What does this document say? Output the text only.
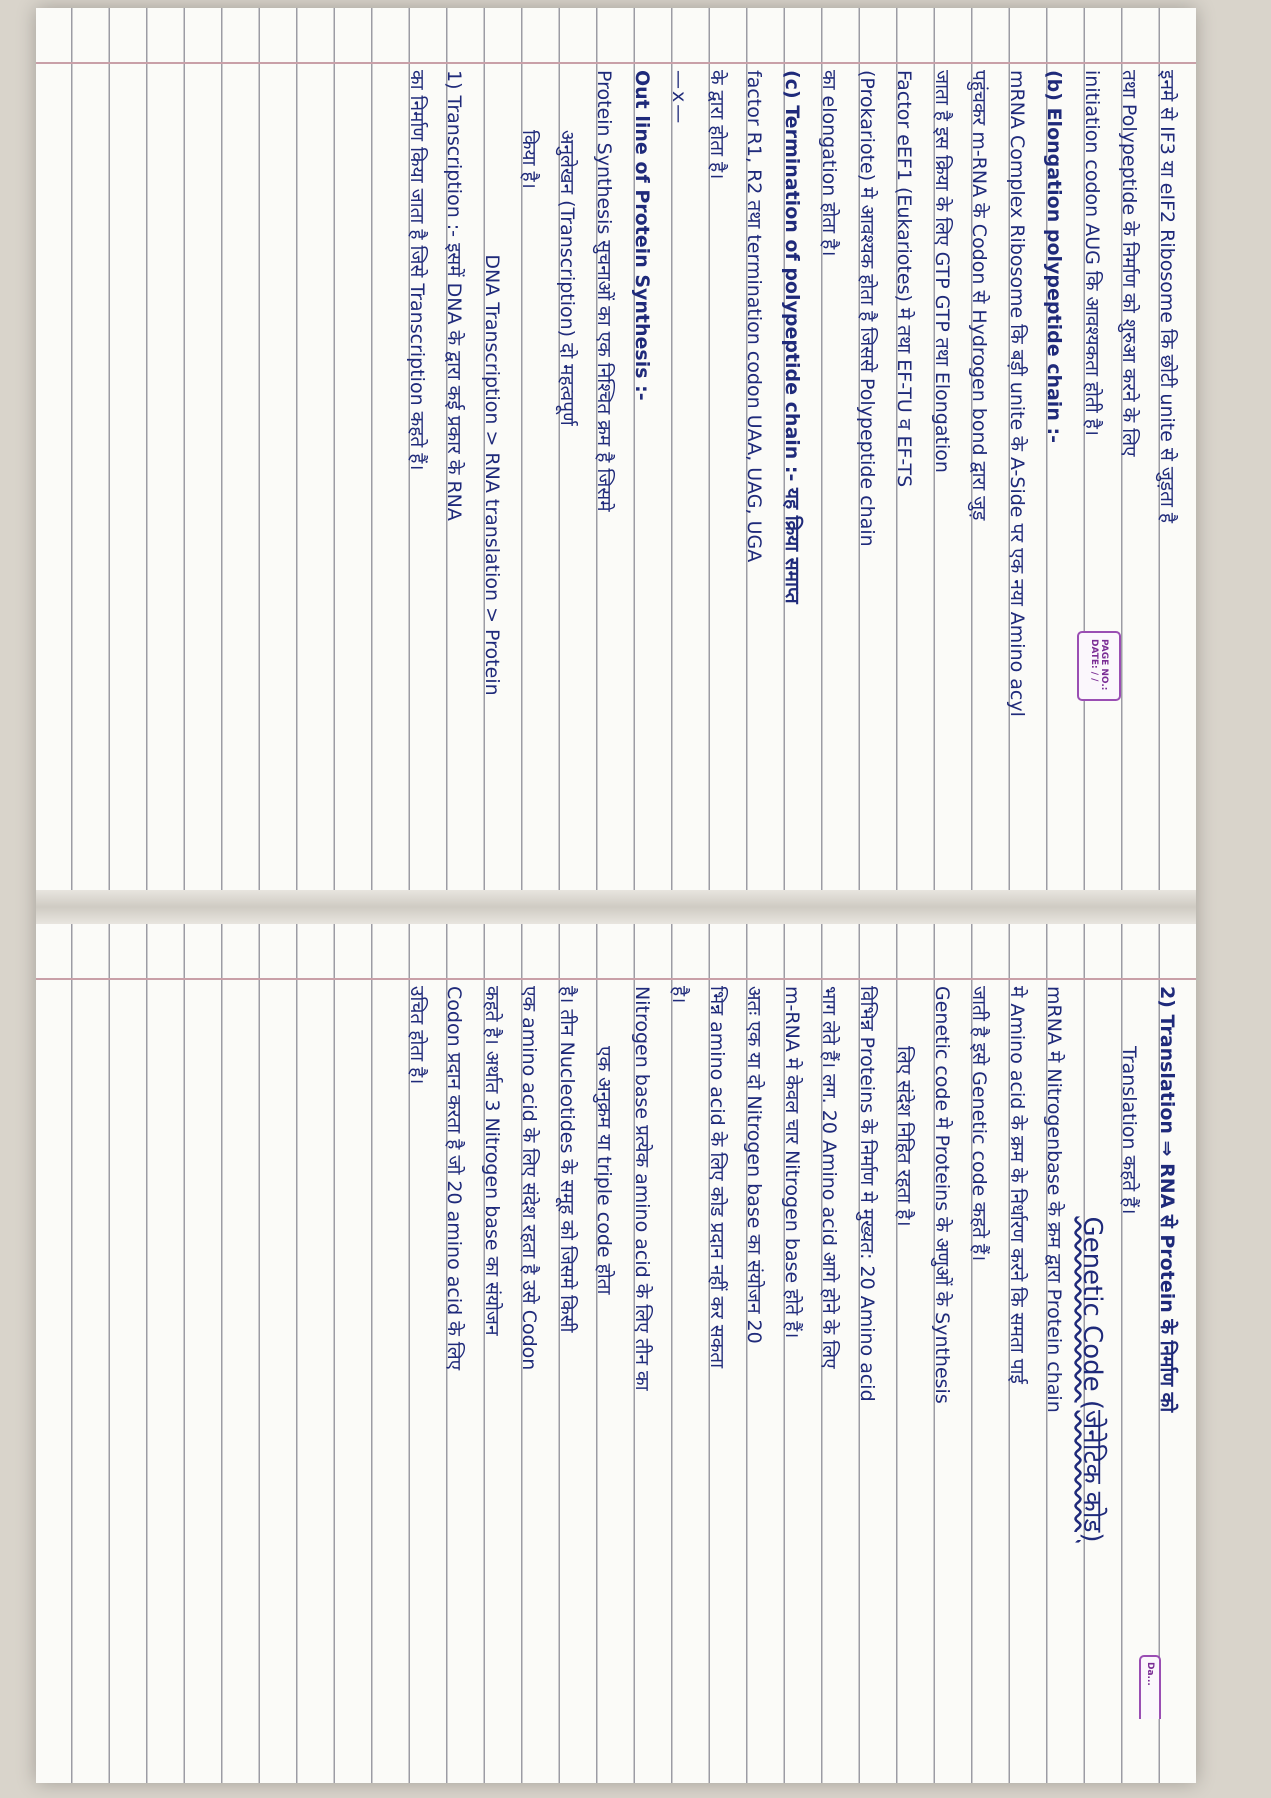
इनमे से IF3 या eIF2 Ribosome कि छोटी unite से जुड़ता है
तथा Polypeptide के निर्माण को शुरुआ करने के लिए
initiation codon AUG कि आवश्यकता होती है।
(b) Elongation polypeptide chain :-
mRNA Complex Ribosome कि बड़ी unite के A-Side पर एक नया Amino acyl
पहुंचकर m-RNA के Codon से Hydrogen bond द्वारा जुड़
जाता है इस क्रिया के लिए GTP GTP तथा Elongation
Factor eEF1 (Eukariotes) मे तथा EF-TU व EF-TS
(Prokariote) मे आवश्यक होता है जिससे Polypeptide chain
का elongation होता है।
(c) Termination of polypeptide chain :- यह क्रिया समाप्त
factor R1, R2 तथा termination codon UAA, UAG, UGA
के द्वारा होता है।
—x—
Out line of Protein Synthesis :-
Protein Synthesis सुचनाओं का एक निश्चित क्रम है जिसमे
अनुलेखन (Transcription) दो महत्वपूर्ण
किया है।
DNA Transcription > RNA translation > Protein
1) Transcription :- इसमें DNA के द्वारा कई प्रकार के RNA
का निर्माण किया जाता है जिसे Transcription कहते हैं।
2) Translation ⇒ RNA से Protein के निर्माण को
Translation कहते हैं।
Genetic Code (जेनेटिक कोड)
mRNA मे Nitrogenbase के क्रम द्वारा Protein chain
मे Amino acid के क्रम के निर्धारण करने कि समता पाई
जाती है इसे Genetic code कहते हैं।
Genetic code मे Proteins के अणुओं के Synthesis
लिए संदेश निहित रहता है।
विभिन्न Proteins के निर्माण मे मुख्यत: 20 Amino acid
भाग लेते हैं। लग. 20 Amino acid आगे होने के लिए
m-RNA मे केवल चार Nitrogen base होते हैं।
अतः एक या दो Nitrogen base का संयोजन 20
भिन्न amino acid के लिए कोड प्रदान नहीं कर सकता
है।
Nitrogen base प्रत्येक amino acid के लिए तीन का
एक अनुक्रम या triple code होता
है। तीन Nucleotides के समूह को जिसमे किसी
एक amino acid के लिए संदेश रहता है उसे Codon
कहते है। अर्थात 3 Nitrogen base का संयोजन
Codon प्रदान करता है जो 20 amino acid के लिए
उचित होता है।
PAGE NO.:
DATE: / /
Da...
